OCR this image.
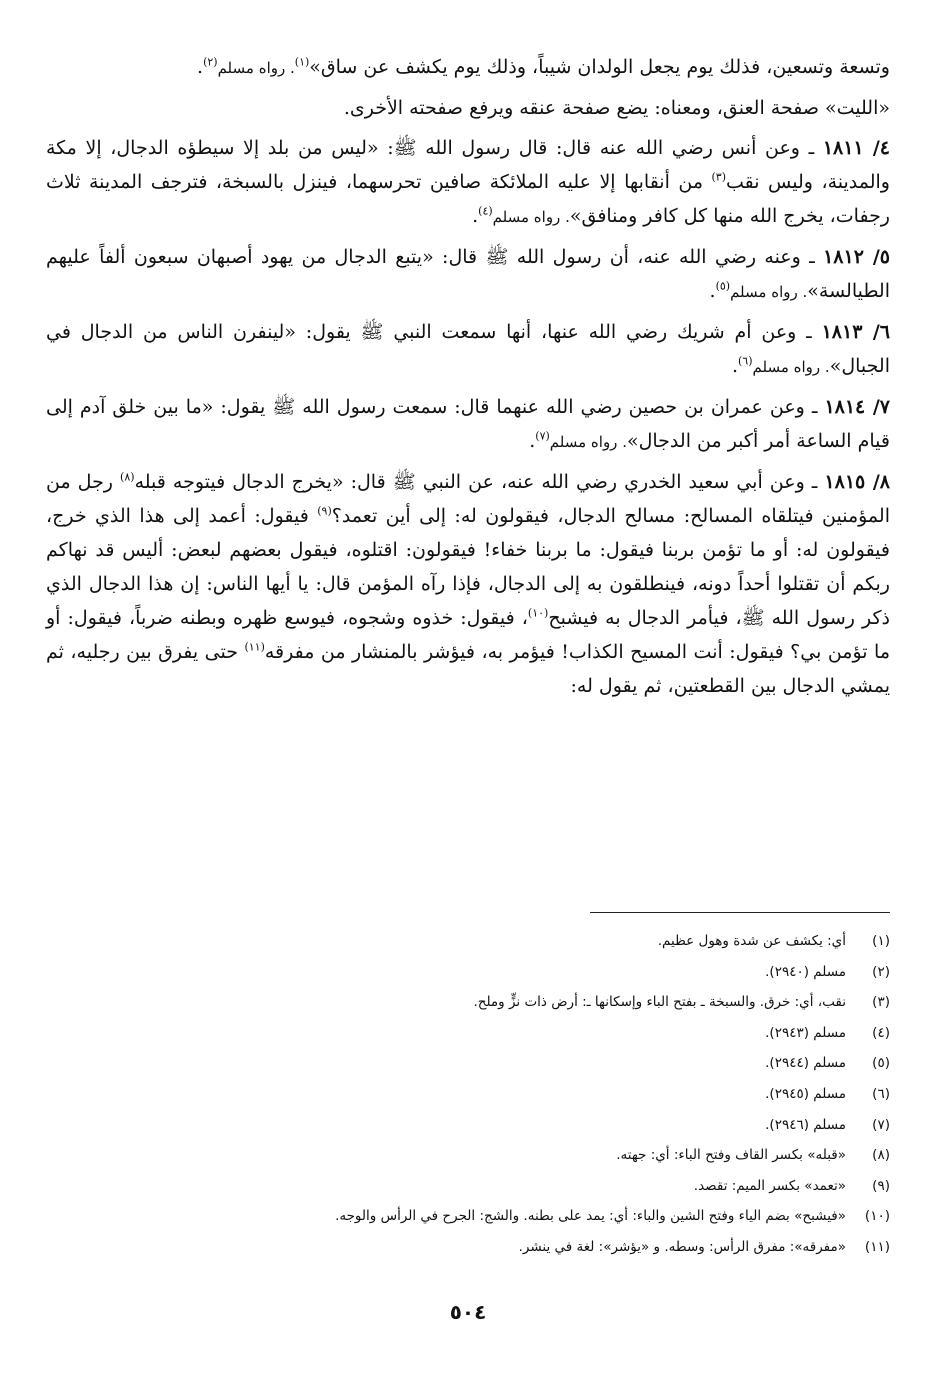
وتسعة وتسعين، فذلك يوم يجعل الولدان شيباً، وذلك يوم يكشف عن ساق»$^{(١)}$. رواه مسلم$^{(٢)}$.

«الليت» صفحة العنق، ومعناه: يضع صفحة عنقه ويرفع صفحته الأخرى.

٤/ ١٨١١ ـ وعن أنس رضي الله عنه قال: قال رسول الله ﷺ: «ليس من بلد إلا سيطؤه الدجال، إلا مكة والمدينة، وليس نقب$^{(٣)}$ من أنقابها إلا عليه الملائكة صافين تحرسهما، فينزل بالسبخة، فترجف المدينة ثلاث رجفات، يخرج الله منها كل كافر ومنافق». رواه مسلم$^{(٤)}$.

٥/ ١٨١٢ ـ وعنه رضي الله عنه، أن رسول الله ﷺ قال: «يتبع الدجال من يهود أصبهان سبعون ألفاً عليهم الطيالسة». رواه مسلم$^{(٥)}$.

٦/ ١٨١٣ ـ وعن أم شريك رضي الله عنها، أنها سمعت النبي ﷺ يقول: «لينفرن الناس من الدجال في الجبال». رواه مسلم$^{(٦)}$.

٧/ ١٨١٤ ـ وعن عمران بن حصين رضي الله عنهما قال: سمعت رسول الله ﷺ يقول: «ما بين خلق آدم إلى قيام الساعة أمر أكبر من الدجال». رواه مسلم$^{(٧)}$.

٨/ ١٨١٥ ـ وعن أبي سعيد الخدري رضي الله عنه، عن النبي ﷺ قال: «يخرج الدجال فيتوجه قبله$^{(٨)}$ رجل من المؤمنين فيتلقاه المسالح: مسالح الدجال، فيقولون له: إلى أين تعمد؟$^{(٩)}$ فيقول: أعمد إلى هذا الذي خرج، فيقولون له: أو ما تؤمن بربنا فيقول: ما بربنا خفاء! فيقولون: اقتلوه، فيقول بعضهم لبعض: أليس قد نهاكم ربكم أن تقتلوا أحداً دونه، فينطلقون به إلى الدجال، فإذا رآه المؤمن قال: يا أيها الناس: إن هذا الدجال الذي ذكر رسول الله ﷺ، فيأمر الدجال به فيشبح$^{(١٠)}$، فيقول: خذوه وشجوه، فيوسع ظهره وبطنه ضرباً، فيقول: أو ما تؤمن بي؟ فيقول: أنت المسيح الكذاب! فيؤمر به، فيؤشر بالمنشار من مفرقه$^{(١١)}$ حتى يفرق بين رجليه، ثم يمشي الدجال بين القطعتين، ثم يقول له:

(١)
أي: يكشف عن شدة وهول عظيم.
(٢)
مسلم (٢٩٤٠).
(٣)
نقب، أي: خرق. والسبخة ـ بفتح الباء وإسكانها ـ: أرض ذات نزٍّ وملح.
(٤)
مسلم (٢٩٤٣).
(٥)
مسلم (٢٩٤٤).
(٦)
مسلم (٢٩٤٥).
(٧)
مسلم (٢٩٤٦).
(٨)
«قبله» بكسر القاف وفتح الباء: أي: جهته.
(٩)
«تعمد» بكسر الميم: تقصد.
(١٠)
«فيشبح» بضم الياء وفتح الشين والباء: أي: يمد على بطنه. والشج: الجرح في الرأس والوجه.
(١١)
«مفرقه»: مفرق الرأس: وسطه. و «يؤشر»: لغة في ينشر.
٥٠٤
